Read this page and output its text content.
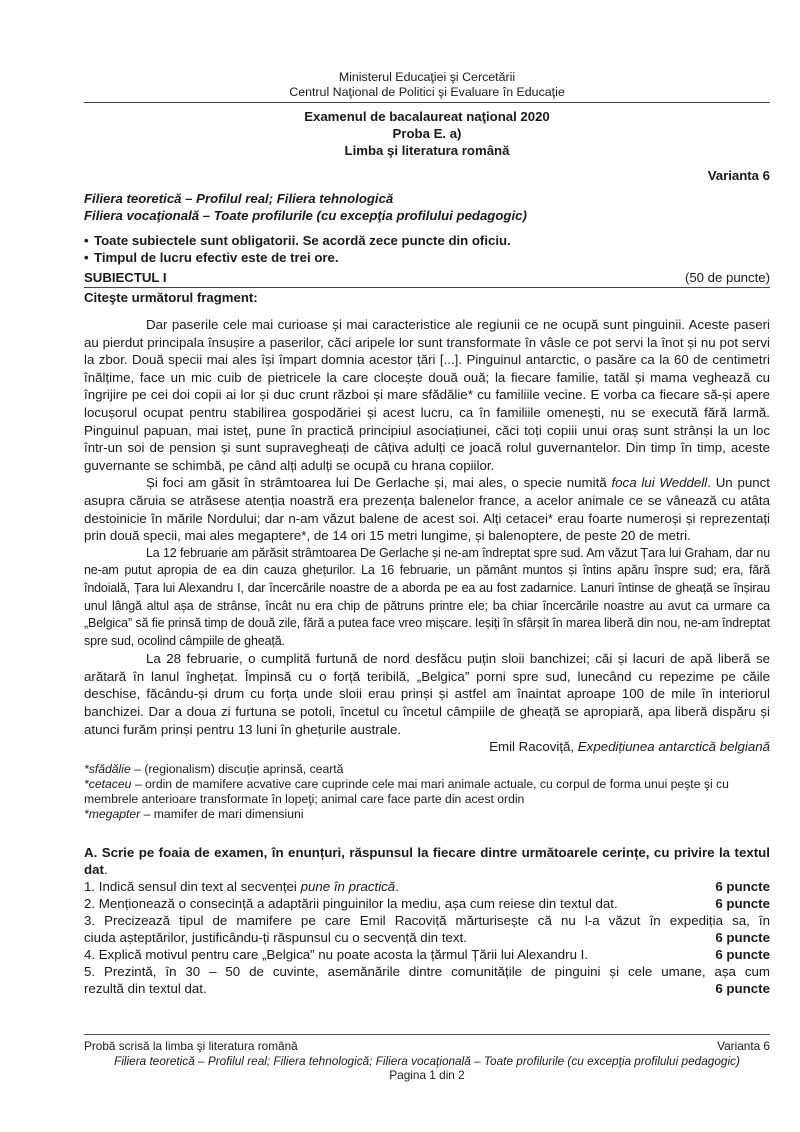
Ministerul Educaţiei şi Cercetării
Centrul Naţional de Politici şi Evaluare în Educaţie
Examenul de bacalaureat naţional 2020
Proba E. a)
Limba şi literatura română
Varianta 6
Filiera teoretică – Profilul real; Filiera tehnologică
Filiera vocaţională – Toate profilurile (cu excepţia profilului pedagogic)
• Toate subiectele sunt obligatorii. Se acordă zece puncte din oficiu.
• Timpul de lucru efectiv este de trei ore.
SUBIECTUL I	(50 de puncte)
Citeşte următorul fragment:

Dar paserile cele mai curioase și mai caracteristice ale regiunii ce ne ocupă sunt pinguinii. Aceste paseri au pierdut principala însușire a paserilor, căci aripele lor sunt transformate în vâsle ce pot servi la înot și nu pot servi la zbor. Două specii mai ales își împart domnia acestor țări [...]. Pinguinul antarctic, o pasăre ca la 60 de centimetri înălțime, face un mic cuib de pietricele la care clocește două ouă; la fiecare familie, tatăl și mama veghează cu îngrijire pe cei doi copii ai lor și duc crunt război și mare sfădălie* cu familiile vecine. E vorba ca fiecare să-și apere locușorul ocupat pentru stabilirea gospodăriei și acest lucru, ca în familiile omenești, nu se execută fără larmă. Pinguinul papuan, mai isteț, pune în practică principiul asociațiunei, căci toți copiii unui oraș sunt strânși la un loc într-un soi de pension și sunt supravegheați de câțiva adulți ce joacă rolul guvernantelor. Din timp în timp, aceste guvernante se schimbă, pe când alți adulți se ocupă cu hrana copiilor.

Și foci am găsit în strâmtoarea lui De Gerlache și, mai ales, o specie numită foca lui Weddell. Un punct asupra căruia se atrăsese atenția noastră era prezența balenelor france, a acelor animale ce se vânează cu atâta destoinicie în mările Nordului; dar n-am văzut balene de acest soi. Alți cetacei* erau foarte numeroși și reprezentați prin două specii, mai ales megaptere*, de 14 ori 15 metri lungime, și balenoptere, de peste 20 de metri.

La 12 februarie am părăsit strâmtoarea De Gerlache și ne-am îndreptat spre sud. Am văzut Țara lui Graham, dar nu ne-am putut apropia de ea din cauza ghețurilor. La 16 februarie, un pământ muntos și întins apăru înspre sud; era, fără îndoială, Țara lui Alexandru I, dar încercările noastre de a aborda pe ea au fost zadarnice. Lanuri întinse de gheață se înșirau unul lângă altul așa de strânse, încât nu era chip de pătruns printre ele; ba chiar încercările noastre au avut ca urmare ca „Belgica” să fie prinsă timp de două zile, fără a putea face vreo mișcare. Ieșiți în sfârșit în marea liberă din nou, ne-am îndreptat spre sud, ocolind câmpiile de gheață.

La 28 februarie, o cumplită furtună de nord desfăcu puțin sloii banchizei; căi și lacuri de apă liberă se arătară în lanul înghețat. Împinsă cu o forță teribilă, „Belgica” porni spre sud, lunecând cu repezime pe căile deschise, făcându-și drum cu forța unde sloii erau prinși și astfel am înaintat aproape 100 de mile în interiorul banchizei. Dar a doua zi furtuna se potoli, încetul cu încetul câmpiile de gheață se apropiară, apa liberă dispăru și atunci furăm prinși pentru 13 luni în ghețurile australe.

Emil Racoviță, Expedițiunea antarctică belgiană
*sfădălie – (regionalism) discuție aprinsă, ceartă
*cetaceu – ordin de mamifere acvative care cuprinde cele mai mari animale actuale, cu corpul de forma unui peşte şi cu membrele anterioare transformate în lopeţi; animal care face parte din acest ordin
*megapter – mamifer de mari dimensiuni
A. Scrie pe foaia de examen, în enunțuri, răspunsul la fiecare dintre următoarele cerințe, cu privire la textul dat.
1. Indică sensul din text al secvenței pune în practică.	6 puncte
2. Menționează o consecință a adaptării pinguinilor la mediu, așa cum reiese din textul dat.	6 puncte
3. Precizează tipul de mamifere pe care Emil Racoviță mărturisește că nu l-a văzut în expediția sa, în
ciuda așteptărilor, justificându-ți răspunsul cu o secvență din text.	6 puncte
4. Explică motivul pentru care „Belgica” nu poate acosta la țărmul Țării lui Alexandru I.	6 puncte
5. Prezintă, în 30 – 50 de cuvinte, asemănările dintre comunitățile de pinguini și cele umane, așa cum
rezultă din textul dat.	6 puncte
Probă scrisă la limba şi literatura română	Varianta 6
Filiera teoretică – Profilul real; Filiera tehnologică; Filiera vocaţională – Toate profilurile (cu excepţia profilului pedagogic)
Pagina 1 din 2
